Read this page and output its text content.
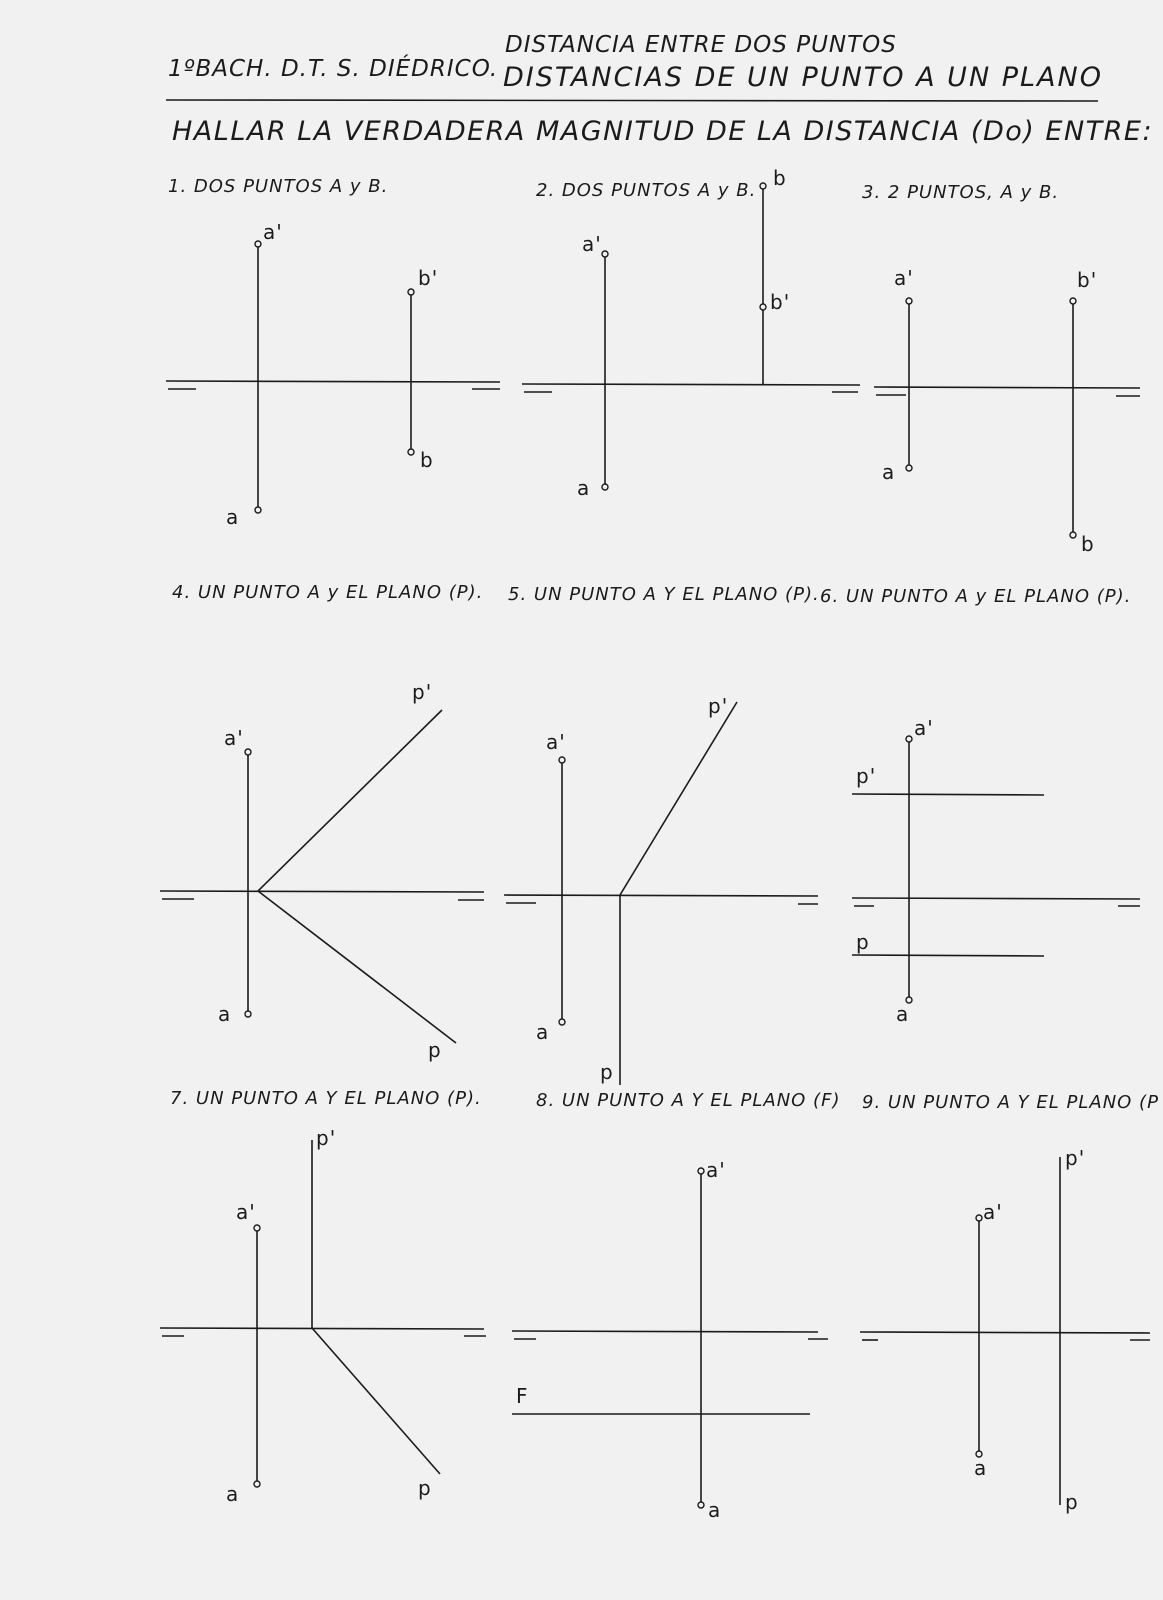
1ºBACH. D.T. S. DIÉDRICO.
DISTANCIA ENTRE DOS PUNTOS
DISTANCIAS DE UN PUNTO A UN PLANO
HALLAR LA VERDADERA MAGNITUD DE LA DISTANCIA (Do) ENTRE:
1. DOS PUNTOS A y B.	2. DOS PUNTOS A y B.	3. 2 PUNTOS, A y B.
4. UN PUNTO A y EL PLANO (P). 5. UN PUNTO A Y EL PLANO (P). 6. UN PUNTO A y EL PLANO (P).
7. UN PUNTO A Y EL PLANO (P).	8. UN PUNTO A Y EL PLANO (F) 9. UN PUNTO A Y EL PLANO (P
a'
a
b'
b
a'
a
b
b'
a'
a
b'
b
a'
a
p'
p
a'
a
p'
p
a'
a
p'
p
a'
a
p'
p
a'
a
F
a'
a
p'
p
